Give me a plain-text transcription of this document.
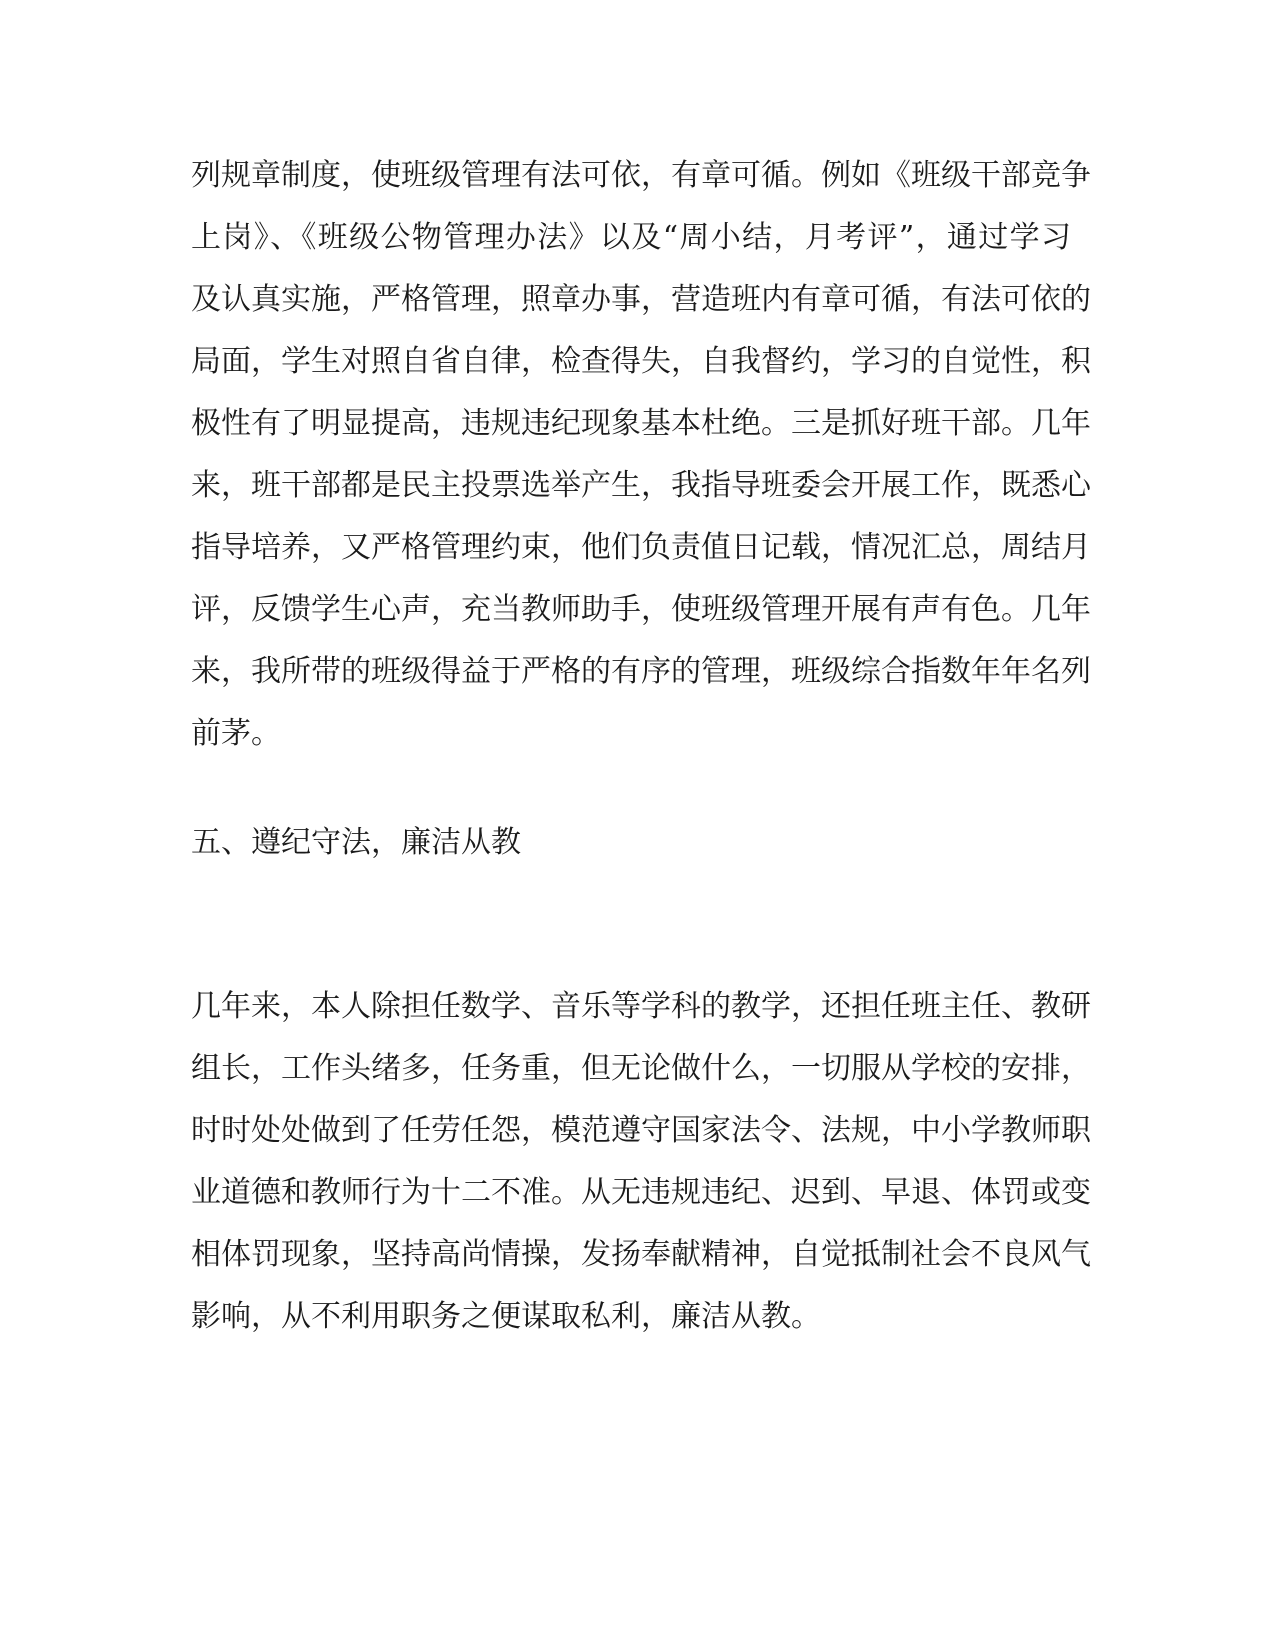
列规章制度，使班级管理有法可依，有章可循。例如《班级干部竞争
上岗》、《班级公物管理办法》以及“周小结，月考评”，通过学习
及认真实施，严格管理，照章办事，营造班内有章可循，有法可依的
局面，学生对照自省自律，检查得失，自我督约，学习的自觉性，积
极性有了明显提高，违规违纪现象基本杜绝。三是抓好班干部。几年
来，班干部都是民主投票选举产生，我指导班委会开展工作，既悉心
指导培养，又严格管理约束，他们负责值日记载，情况汇总，周结月
评，反馈学生心声，充当教师助手，使班级管理开展有声有色。几年
来，我所带的班级得益于严格的有序的管理，班级综合指数年年名列
前茅。
五、遵纪守法，廉洁从教
几年来，本人除担任数学、音乐等学科的教学，还担任班主任、教研
组长，工作头绪多，任务重，但无论做什么，一切服从学校的安排，
时时处处做到了任劳任怨，模范遵守国家法令、法规，中小学教师职
业道德和教师行为十二不准。从无违规违纪、迟到、早退、体罚或变
相体罚现象，坚持高尚情操，发扬奉献精神，自觉抵制社会不良风气
影响，从不利用职务之便谋取私利，廉洁从教。
